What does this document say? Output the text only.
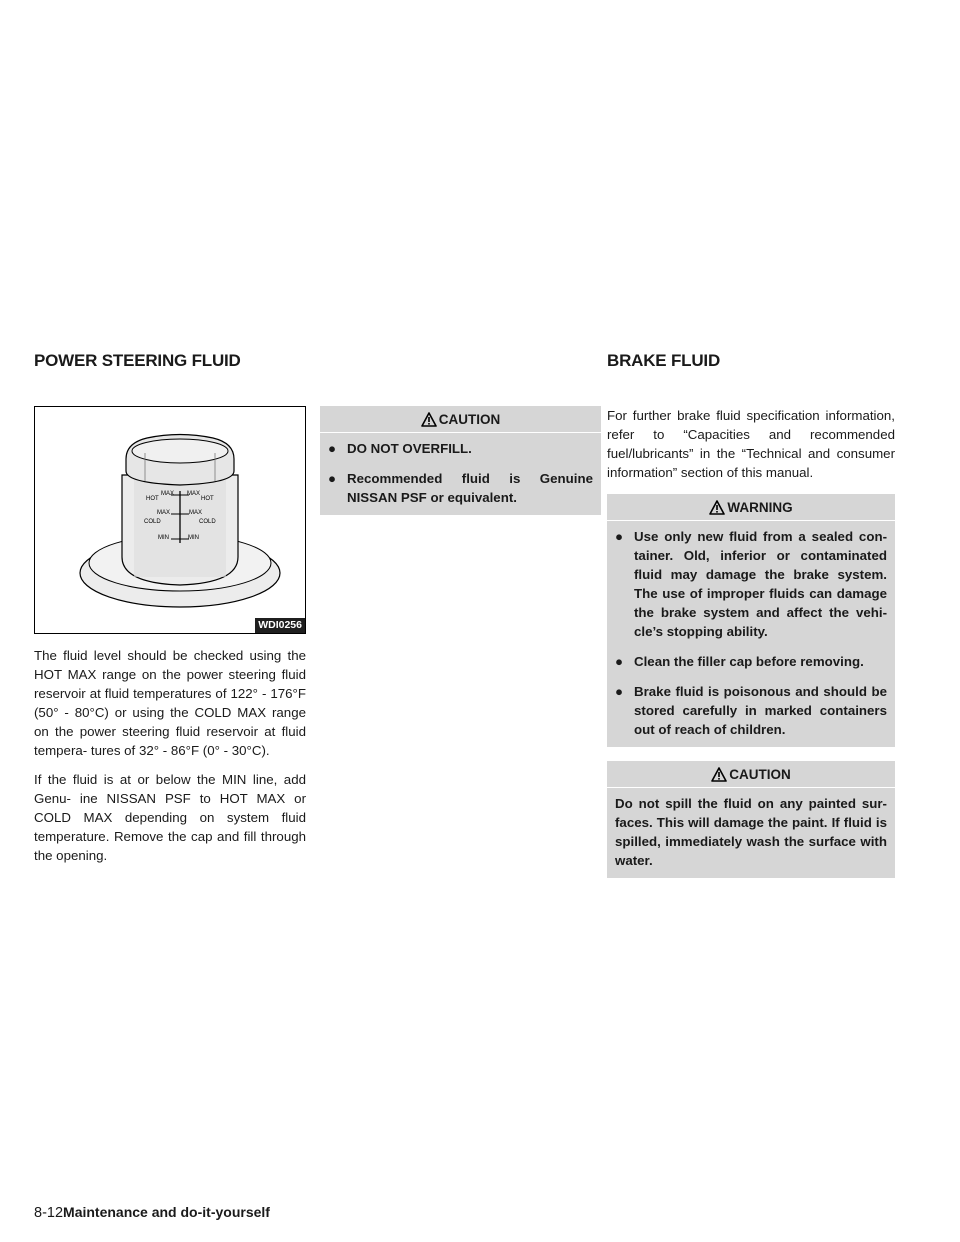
POWER STEERING FLUID	BRAKE FLUID
HOT
MAX MAX
HOT
MAX	MAX
COLD	COLD
MIN	MIN
WDI0256

The fluid level should be checked using the HOT MAX range on the power steering fluid reservoir at fluid temperatures of 122° - 176°F (50° - 80°C) or using the COLD MAX range on the power steering fluid reservoir at fluid tempera- tures of 32° - 86°F (0° - 30°C).

If the fluid is at or below the MIN line, add Genu- ine NISSAN PSF to HOT MAX or COLD MAX depending on system fluid temperature. Remove the cap and fill through the opening.

CAUTION
● DO NOT OVERFILL.
● Recommended fluid is Genuine NISSAN PSF or equivalent.

For further brake fluid specification information, refer to “Capacities and recommended fuel/lubricants” in the “Technical and consumer information” section of this manual.

WARNING
● Use only new fluid from a sealed con- tainer. Old, inferior or contaminated fluid may damage the brake system. The use of improper fluids can damage the brake system and affect the vehi- cle’s stopping ability.
● Clean the filler cap before removing.
● Brake fluid is poisonous and should be stored carefully in marked containers out of reach of children.
CAUTION
Do not spill the fluid on any painted sur- faces. This will damage the paint. If fluid is spilled, immediately wash the surface with water.
8-12Maintenance and do-it-yourself
